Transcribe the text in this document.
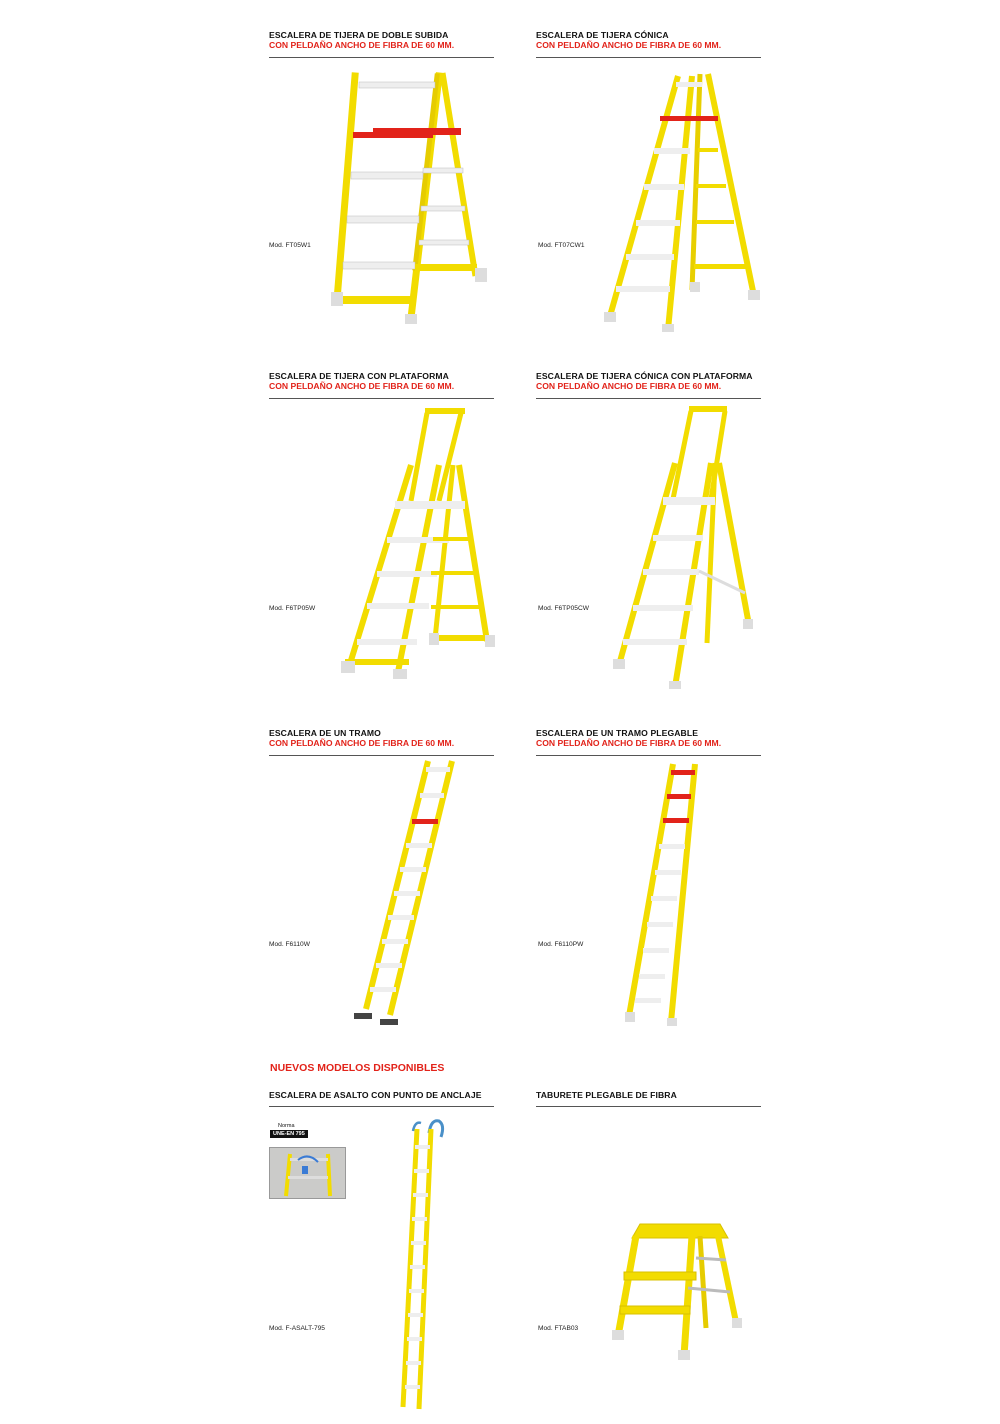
ESCALERA DE TIJERA DE DOBLE SUBIDA
CON PELDAÑO ANCHO DE FIBRA DE 60 MM.
Mod. FT05W1
ESCALERA DE TIJERA CÓNICA
CON PELDAÑO ANCHO DE FIBRA DE 60 MM.
Mod. FT07CW1
ESCALERA DE TIJERA CON PLATAFORMA
CON PELDAÑO ANCHO DE FIBRA DE 60 MM.
Mod. F6TP05W
ESCALERA DE TIJERA CÓNICA CON PLATAFORMA
CON PELDAÑO ANCHO DE FIBRA DE 60 MM.
Mod. F6TP05CW
ESCALERA DE UN TRAMO
CON PELDAÑO ANCHO DE FIBRA DE 60 MM.
Mod. F6110W
ESCALERA DE UN TRAMO PLEGABLE
CON PELDAÑO ANCHO DE FIBRA DE 60 MM.
Mod. F6110PW
NUEVOS MODELOS DISPONIBLES
ESCALERA DE ASALTO CON PUNTO DE ANCLAJE
Norma
UNE-EN 795
Mod. F-ASALT-795
TABURETE PLEGABLE DE FIBRA
Mod. FTAB03
